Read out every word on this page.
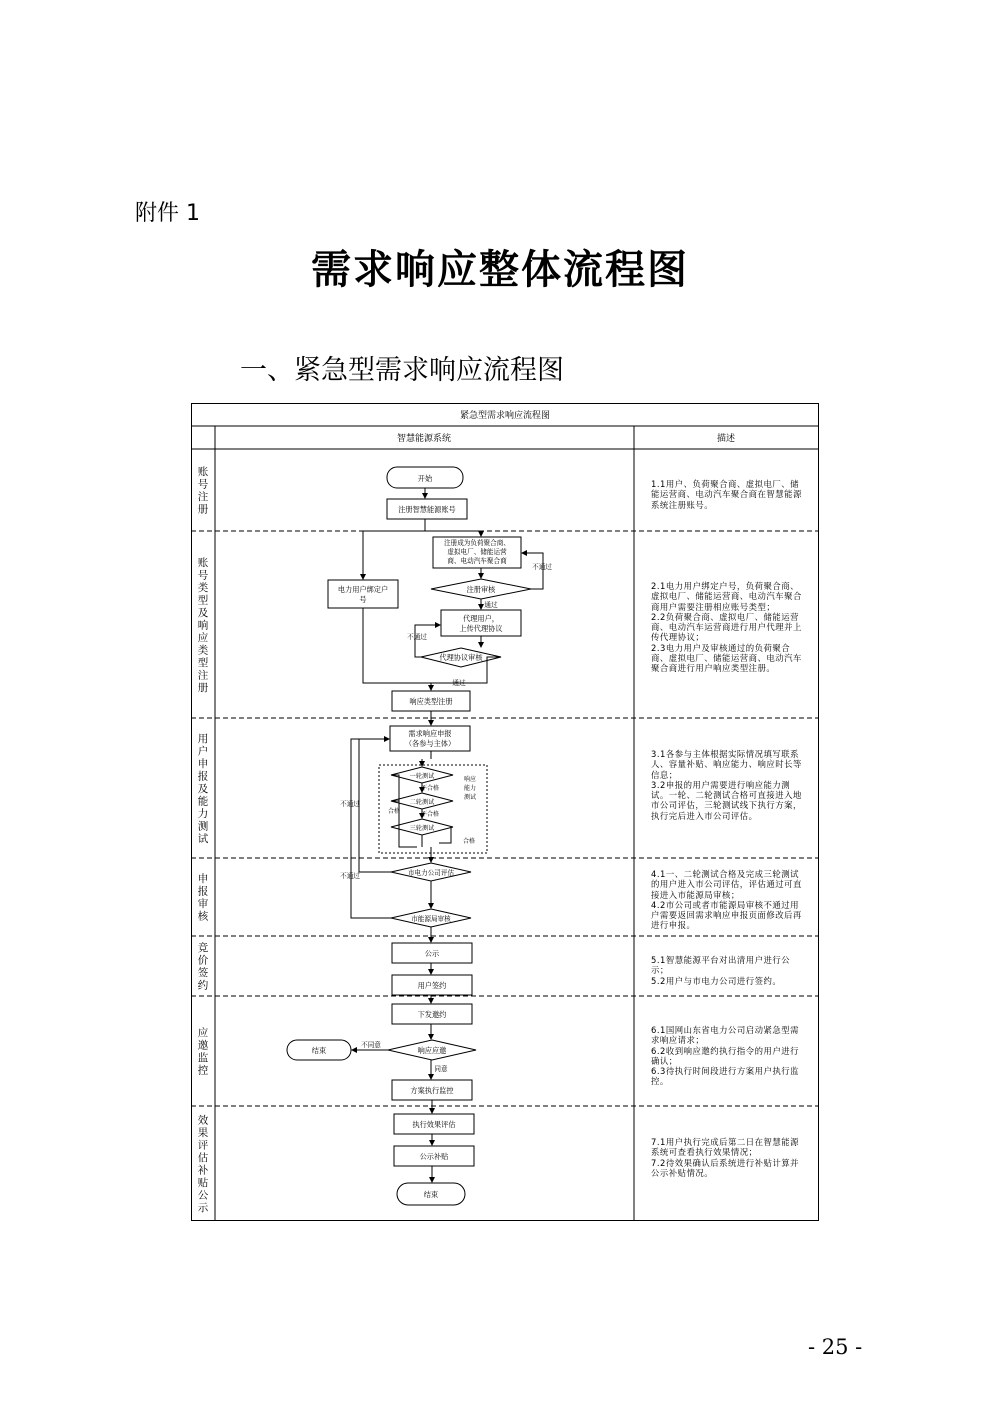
附件 1
需求响应整体流程图
一、紧急型需求响应流程图
紧急型需求响应流程图
智慧能源系统	描述
账号注册
账号类型及响应类型注册
用户申报及能力测试
申报审核
竞价签约
应邀监控
效果评估补贴公示
开始
注册智慧能源账号
注册成为负荷聚合商、
虚拟电厂、储能运营
商、电动汽车聚合商
电力用户绑定户
号
注册审核
不通过
通过
代理用户，
上传代理协议
代理协议审核
不通过
通过
响应类型注册
需求响应申报
（各参与主体）
一轮测试
二轮测试
三轮测试
不合格
不合格
合格
合格
响应
能力
测试
不通过
市电力公司评估
不通过
市能源局审核
公示
用户签约
下发邀约
响应应邀
不同意
结束
同意
方案执行监控
执行效果评估
公示补贴
结束
1.1用户、负荷聚合商、虚拟电厂、储能运营商、电动汽车聚合商在智慧能源系统注册账号。
2.1电力用户绑定户号，负荷聚合商、虚拟电厂、储能运营商、电动汽车聚合商用户需要注册相应账号类型；
2.2负荷聚合商、虚拟电厂、储能运营商、电动汽车运营商进行用户代理并上传代理协议；
2.3电力用户及审核通过的负荷聚合商、虚拟电厂、储能运营商、电动汽车聚合商进行用户响应类型注册。
3.1各参与主体根据实际情况填写联系人、容量补贴、响应能力、响应时长等信息；
3.2申报的用户需要进行响应能力测试。一轮、二轮测试合格可直接进入地市公司评估，三轮测试线下执行方案，执行完后进入市公司评估。
4.1一、二轮测试合格及完成三轮测试的用户进入市公司评估，评估通过可直接进入市能源局审核；
4.2市公司或者市能源局审核不通过用户需要返回需求响应申报页面修改后再进行申报。
5.1智慧能源平台对出清用户进行公示；
5.2用户与市电力公司进行签约。
6.1国网山东省电力公司启动紧急型需求响应请求；
6.2收到响应邀约执行指令的用户进行确认；
6.3待执行时间段进行方案用户执行监控。
7.1用户执行完成后第二日在智慧能源系统可查看执行效果情况；
7.2待效果确认后系统进行补贴计算并公示补贴情况。
- 25 -
